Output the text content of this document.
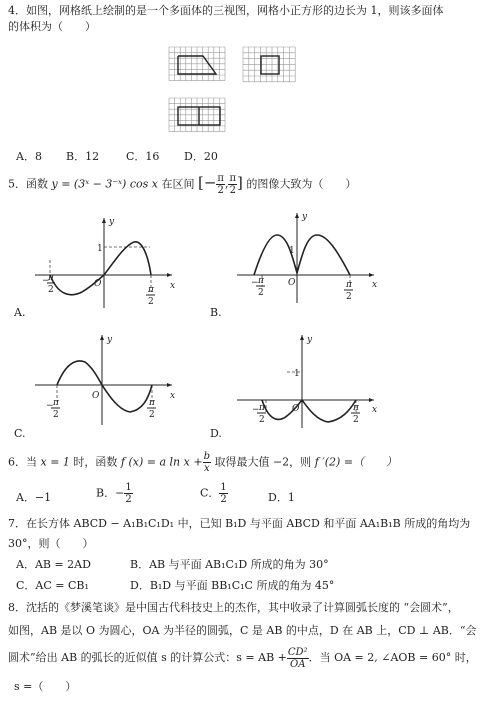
4．如图，网格纸上绘制的是一个多面体的三视图，网格小正方形的边长为 1，则该多面体
的体积为（　　）
A．8 B．12 C．16 D．20
5．函数 y = (3ˣ − 3⁻ˣ) cos x 在区间 [− $\frac{\pi}{2}$ , $\frac{\pi}{2}$ ] 的图像大致为（　　）
y
x
O
1
−
π
2	π
2
A.
y
x
O
1
− π
2
π
2
B.
y
x
O
− π
2
π
2
C.
y
x
O
1
− π
2
π
2
D.
6．当 x = 1 时，函数 f (x) = a $\ln x + \frac{b}{x}$ 取得最大值 −2，则 f ′(2) =（　　）
A．−1	B．− $\frac{1}{2}$	C． $\frac{1}{2}$	D．1
7．在长方体 ABCD − A₁B₁C₁D₁ 中，已知 B₁D 与平面 ABCD 和平面 AA₁B₁B 所成的角均为
30°，则（　　）
A．AB = 2AD	B．AB 与平面 AB₁C₁D 所成的角为 30°
C．AC = CB₁	D．B₁D 与平面 BB₁C₁C 所成的角为 45°
8．沈括的《梦溪笔谈》是中国古代科技史上的杰作，其中收录了计算圆弧长度的 “会圆术”，
如图，AB 是以 O 为圆心，OA 为半径的圆弧，C 是 AB 的中点，D 在 AB 上，CD ⊥ AB．“会
圆术”给出 AB 的弧长的近似值 s 的计算公式：s = AB + $\frac{\text{CD²}}{OA}$ ．当 OA = 2, ∠AOB = 60° 时，
s =（　　）
